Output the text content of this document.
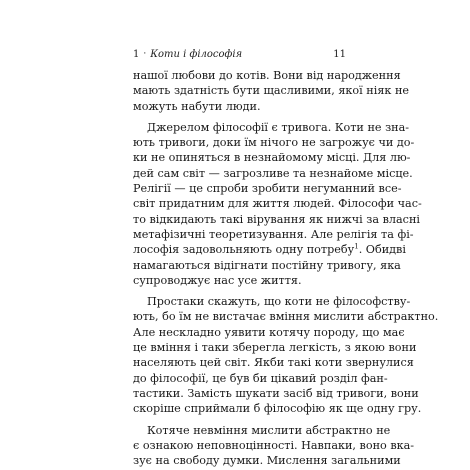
1 · Коти і філософія	11

нашої любови до котів. Вони від народження
мають здатність бути щасливими, якої ніяк не
можуть набути люди.

Джерелом філософії є тривога. Коти не зна-
ють тривоги, доки їм нічого не загрожує чи до-
ки не опиняться в незнайомому місці. Для лю-
дей сам світ — загрозливе та незнайоме місце.
Релігії — це спроби зробити негуманний все-
світ придатним для життя людей. Філософи час-
то відкидають такі вірування як нижчі за власні
метафізичні теоретизування. Але релігія та фі-
лософія задовольняють одну потребу$^1$. Обидві
намагаються відігнати постійну тривогу, яка
супроводжує нас усе життя.

Простаки скажуть, що коти не філософству-
ють, бо їм не вистачає вміння мислити абстрактно.
Але нескладно уявити котячу породу, що має
це вміння і таки зберегла легкість, з якою вони
населяють цей світ. Якби такі коти звернулися
до філософії, це був би цікавий розділ фан-
тастики. Замість шукати засіб від тривоги, вони
скоріше сприймали б філософію як ще одну гру.

Котяче невміння мислити абстрактно не
є ознакою неповноцінності. Навпаки, воно вка-
зує на свободу думки. Мислення загальними
